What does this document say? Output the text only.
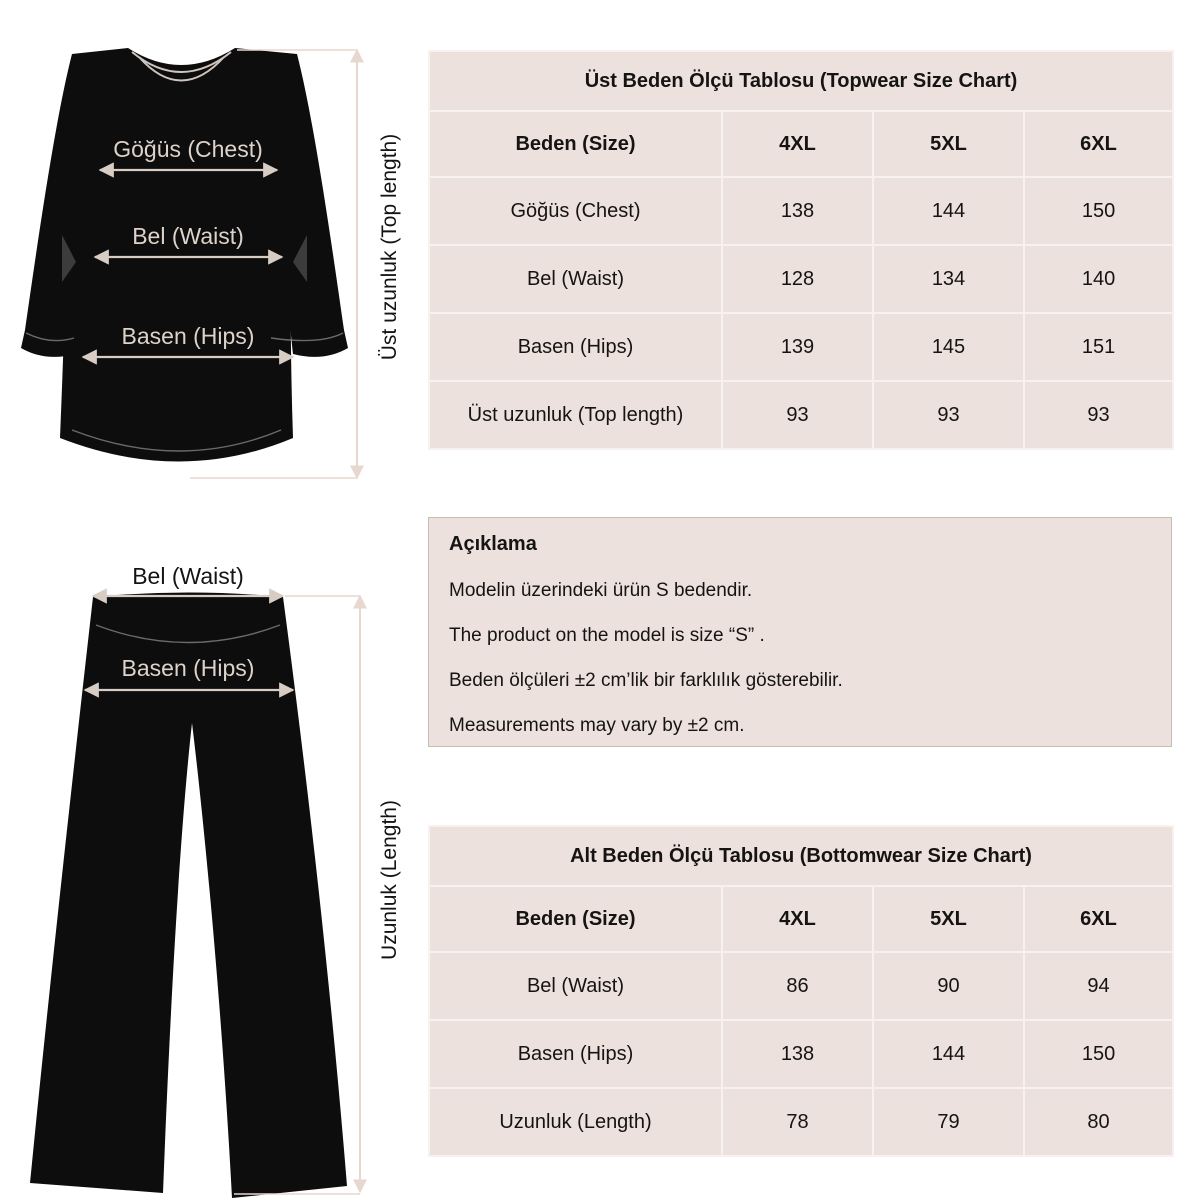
Göğüs (Chest)
Bel (Waist)
Basen (Hips)	Üst uzunluk (Top length)
Bel (Waist)
Basen (Hips)
Uzunluk (Length)
Üst Beden Ölçü Tablosu (Topwear Size Chart)			
Beden (Size)	4XL	5XL	6XL
Göğüs (Chest)	138	144	150
Bel (Waist)	128	134	140
Basen (Hips)	139	145	151
Üst uzunluk (Top length)	93	93	93

Açıklama

Modelin üzerindeki ürün S bedendir.

The product on the model is size “S” .

Beden ölçüleri ±2 cm’lik bir farklılık gösterebilir.

Measurements may vary by ±2 cm.

Alt Beden Ölçü Tablosu (Bottomwear Size Chart)			
Beden (Size)	4XL	5XL	6XL
Bel (Waist)	86	90	94
Basen (Hips)	138	144	150
Uzunluk (Length)	78	79	80
